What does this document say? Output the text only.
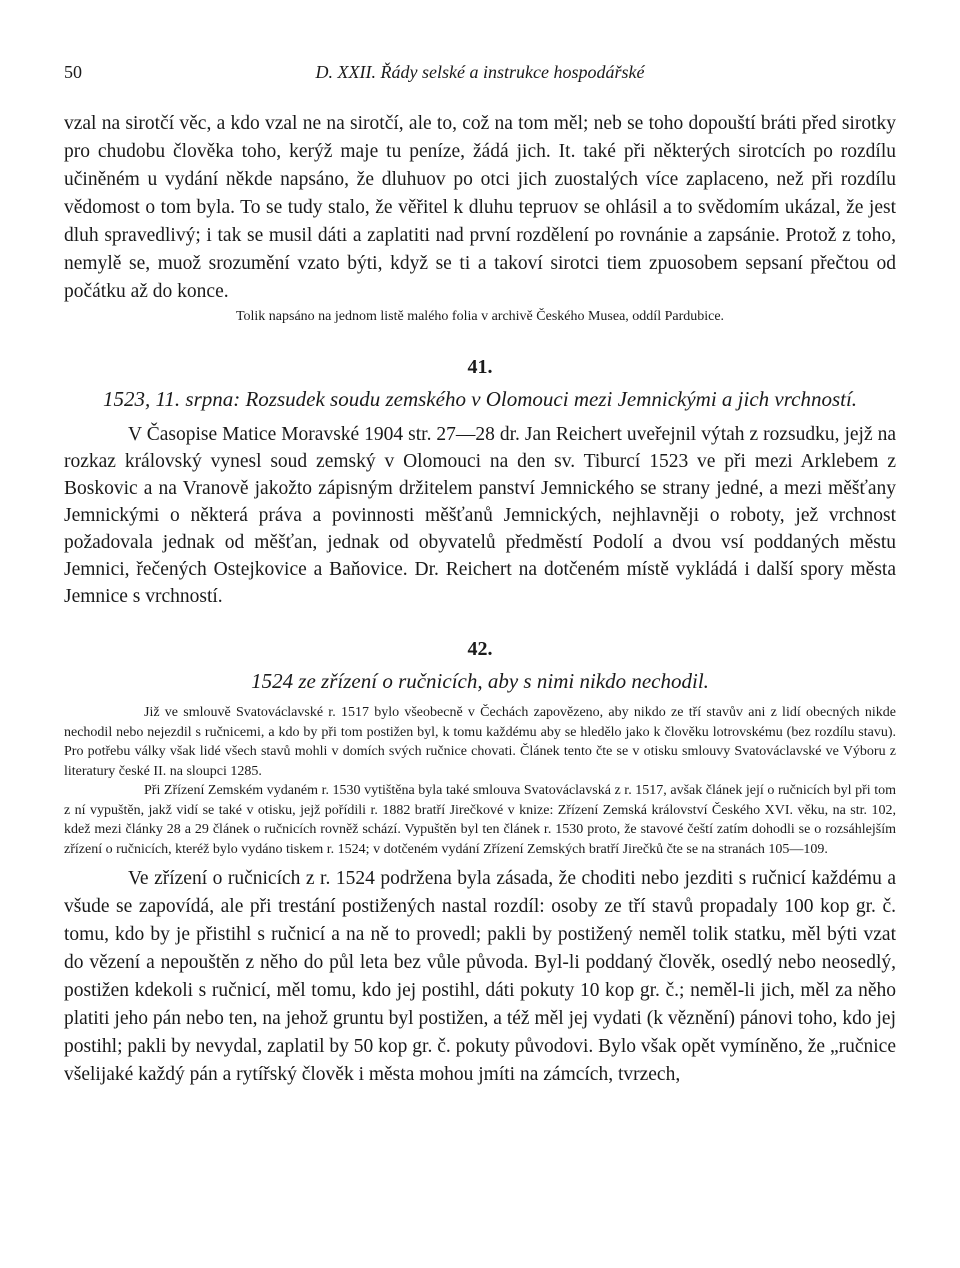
50	D. XXII. Řády selské a instrukce hospodářské

vzal na sirotčí věc, a kdo vzal ne na sirotčí, ale to, což na tom měl; neb se toho dopouští bráti před sirotky pro chudobu člověka toho, kerýž maje tu peníze, žádá jich. It. také při některých sirotcích po rozdílu učiněném u vydání někde napsáno, že dluhuov po otci jich zuostalých více zaplaceno, než při rozdílu vědomost o tom byla. To se tudy stalo, že věřitel k dluhu tepruov se ohlásil a to svědomím ukázal, že jest dluh spravedlivý; i tak se musil dáti a zaplatiti nad první rozdělení po rovnánie a zapsánie. Protož z toho, nemylě se, muož srozumění vzato býti, když se ti a takoví sirotci tiem zpuosobem sepsaní přečtou od počátku až do konce.

Tolik napsáno na jednom listě malého folia v archivě Českého Musea, oddíl Pardubice.

41.
1523, 11. srpna: Rozsudek soudu zemského v Olomouci mezi Jemnickými a jich vrchností.

V Časopise Matice Moravské 1904 str. 27—28 dr. Jan Reichert uveřejnil výtah z rozsudku, jejž na rozkaz královský vynesl soud zemský v Olomouci na den sv. Tiburcí 1523 ve při mezi Arklebem z Boskovic a na Vranově jakožto zápisným držitelem panství Jemnického se strany jedné, a mezi měšťany Jemnickými o některá práva a povinnosti měšťanů Jemnických, nejhlavněji o roboty, jež vrchnost požadovala jednak od měšťan, jednak od obyvatelů předměstí Podolí a dvou vsí poddaných městu Jemnici, řečených Ostejkovice a Baňovice. Dr. Reichert na dotčeném místě vykládá i další spory města Jemnice s vrchností.

42.
1524 ze zřízení o ručnicích, aby s nimi nikdo nechodil.

Již ve smlouvě Svatováclavské r. 1517 bylo všeobecně v Čechách zapovězeno, aby nikdo ze tří stavův ani z lidí obecných nikde nechodil nebo nejezdil s ručnicemi, a kdo by při tom postižen byl, k tomu každému aby se hledělo jako k člověku lotrovskému (bez rozdílu stavu). Pro potřebu války však lidé všech stavů mohli v domích svých ručnice chovati. Článek tento čte se v otisku smlouvy Svatováclavské ve Výboru z literatury české II. na sloupci 1285.

Při Zřízení Zemském vydaném r. 1530 vytištěna byla také smlouva Svatováclavská z r. 1517, avšak článek její o ručnicích byl při tom z ní vypuštěn, jakž vidí se také v otisku, jejž pořídili r. 1882 bratří Jirečkové v knize: Zřízení Zemská království Českého XVI. věku, na str. 102, kdež mezi články 28 a 29 článek o ručnicích rovněž schází. Vypuštěn byl ten článek r. 1530 proto, že stavové čeští zatím dohodli se o rozsáhlejším zřízení o ručnicích, kteréž bylo vydáno tiskem r. 1524; v dotčeném vydání Zřízení Zemských bratří Jirečků čte se na stranách 105—109.

Ve zřízení o ručnicích z r. 1524 podržena byla zásada, že choditi nebo jezditi s ručnicí každému a všude se zapovídá, ale při trestání postižených nastal rozdíl: osoby ze tří stavů propadaly 100 kop gr. č. tomu, kdo by je přistihl s ručnicí a na ně to provedl; pakli by postižený neměl tolik statku, měl býti vzat do vězení a nepouštěn z něho do půl leta bez vůle původa. Byl-li poddaný člověk, osedlý nebo neosedlý, postižen kdekoli s ručnicí, měl tomu, kdo jej postihl, dáti pokuty 10 kop gr. č.; neměl-li jich, měl za něho platiti jeho pán nebo ten, na jehož gruntu byl postižen, a též měl jej vydati (k věznění) pánovi toho, kdo jej postihl; pakli by nevydal, zaplatil by 50 kop gr. č. pokuty původovi. Bylo však opět vymíněno, že „ručnice všelijaké každý pán a rytířský člověk i města mohou jmíti na zámcích, tvrzech,
